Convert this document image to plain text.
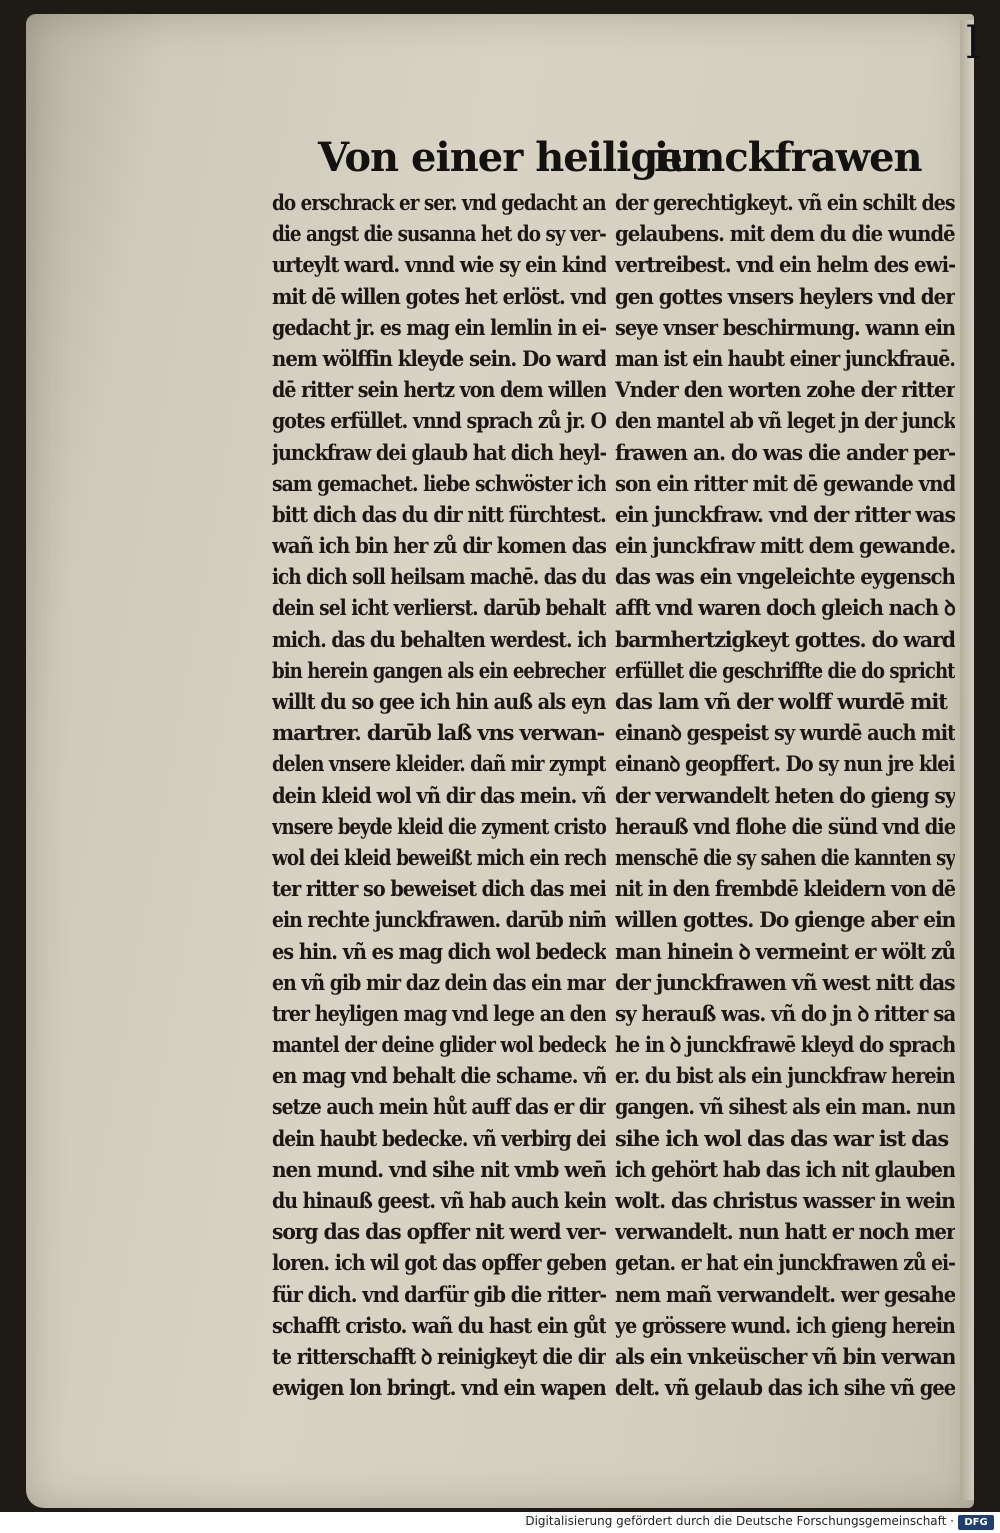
l
Von einer heiligen
iunckfrawen
do erschrack er ser. vnd gedacht an
die angst die susanna het do sy ver-
urteylt ward. vnnd wie sy ein kind
mit dē willen gotes het erlöst. vnd
gedacht jr. es mag ein lemlin in ei-
nem wölffin kleyde sein. Do ward
dē ritter sein hertz von dem willen
gotes erfüllet. vnnd sprach zů jr. O
junckfraw dei glaub hat dich heyl-
sam gemachet. liebe schwöster ich
bitt dich das du dir nitt fürchtest.
wañ ich bin her zů dir komen das
ich dich soll heilsam machē. das du
dein sel icht verlierst. darūb behalt
mich. das du behalten werdest. ich
bin herein gangen als ein eebrecher
willt du so gee ich hin auß als eyn
martrer. darūb laß vns verwan-
delen vnsere kleider. dañ mir zympt
dein kleid wol vñ dir das mein. vñ
vnsere beyde kleid die zyment cristo
wol dei kleid beweißt mich ein rech
ter ritter so beweiset dich das mei
ein rechte junckfrawen. darūb nim̄
es hin. vñ es mag dich wol bedeck
en vñ gib mir daz dein das ein mar
trer heyligen mag vnd lege an den
mantel der deine glider wol bedeck
en mag vnd behalt die schame. vñ
setze auch mein hůt auff das er dir
dein haubt bedecke. vñ verbirg dei
nen mund. vnd sihe nit vmb wen̄
du hinauß geest. vñ hab auch kein
sorg das das opffer nit werd ver-
loren. ich wil got das opffer geben
für dich. vnd darfür gib die ritter-
schafft cristo. wañ du hast ein gůt
te ritterschafft ꝺ reinigkeyt die dir
ewigen lon bringt. vnd ein wapen
der gerechtigkeyt. vñ ein schilt des
gelaubens. mit dem du die wundē
vertreibest. vnd ein helm des ewi-
gen gottes vnsers heylers vnd der
seye vnser beschirmung. wann ein
man ist ein haubt einer junckfrauē.
Vnder den worten zohe der ritter
den mantel ab vñ leget jn der junck
frawen an. do was die ander per-
son ein ritter mit dē gewande vnd
ein junckfraw. vnd der ritter was
ein junckfraw mitt dem gewande.
das was ein vngeleichte eygensch
afft vnd waren doch gleich nach ꝺ
barmhertzigkeyt gottes. do ward
erfüllet die geschriffte die do spricht
das lam vñ der wolff wurdē mit
einanꝺ gespeist sy wurdē auch mit
einanꝺ geopffert. Do sy nun jre klei
der verwandelt heten do gieng sy
herauß vnd flohe die sünd vnd die
menschē die sy sahen die kannten sy
nit in den frembdē kleidern von dē
willen gottes. Do gienge aber ein
man hinein ꝺ vermeint er wölt zů
der junckfrawen vñ west nitt das
sy herauß was. vñ do jn ꝺ ritter sa
he in ꝺ junckfrawē kleyd do sprach
er. du bist als ein junckfraw herein
gangen. vñ sihest als ein man. nun
sihe ich wol das das war ist das
ich gehört hab das ich nit glauben
wolt. das christus wasser in wein
verwandelt. nun hatt er noch mer
getan. er hat ein junckfrawen zů ei-
nem mañ verwandelt. wer gesahe
ye grössere wund. ich gieng herein
als ein vnkeüscher vñ bin verwan
delt. vñ gelaub das ich sihe vñ gee
Digitalisierung gefördert durch die Deutsche Forschungsgemeinschaft ·	DFG
